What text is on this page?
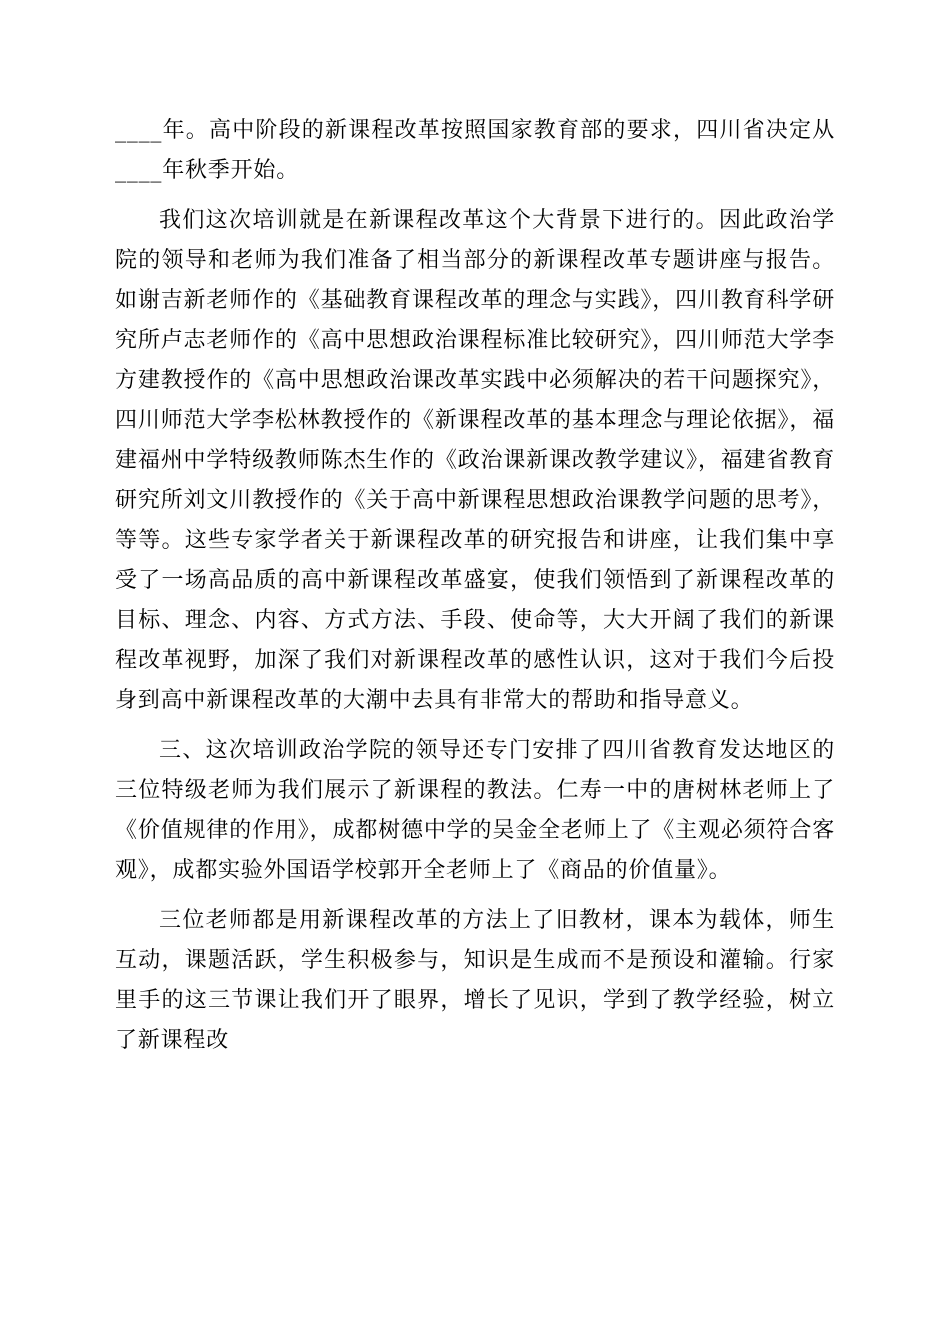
____年。高中阶段的新课程改革按照国家教育部的要求，四川省决定从____年秋季开始。

我们这次培训就是在新课程改革这个大背景下进行的。因此政治学院的领导和老师为我们准备了相当部分的新课程改革专题讲座与报告。如谢吉新老师作的《基础教育课程改革的理念与实践》，四川教育科学研究所卢志老师作的《高中思想政治课程标准比较研究》，四川师范大学李方建教授作的《高中思想政治课改革实践中必须解决的若干问题探究》，四川师范大学李松林教授作的《新课程改革的基本理念与理论依据》，福建福州中学特级教师陈杰生作的《政治课新课改教学建议》，福建省教育研究所刘文川教授作的《关于高中新课程思想政治课教学问题的思考》，等等。这些专家学者关于新课程改革的研究报告和讲座，让我们集中享受了一场高品质的高中新课程改革盛宴，使我们领悟到了新课程改革的目标、理念、内容、方式方法、手段、使命等，大大开阔了我们的新课程改革视野，加深了我们对新课程改革的感性认识，这对于我们今后投身到高中新课程改革的大潮中去具有非常大的帮助和指导意义。

三、这次培训政治学院的领导还专门安排了四川省教育发达地区的三位特级老师为我们展示了新课程的教法。仁寿一中的唐树林老师上了《价值规律的作用》，成都树德中学的吴金全老师上了《主观必须符合客观》，成都实验外国语学校郭开全老师上了《商品的价值量》。

三位老师都是用新课程改革的方法上了旧教材，课本为载体，师生互动，课题活跃，学生积极参与，知识是生成而不是预设和灌输。行家里手的这三节课让我们开了眼界，增长了见识，学到了教学经验，树立了新课程改
